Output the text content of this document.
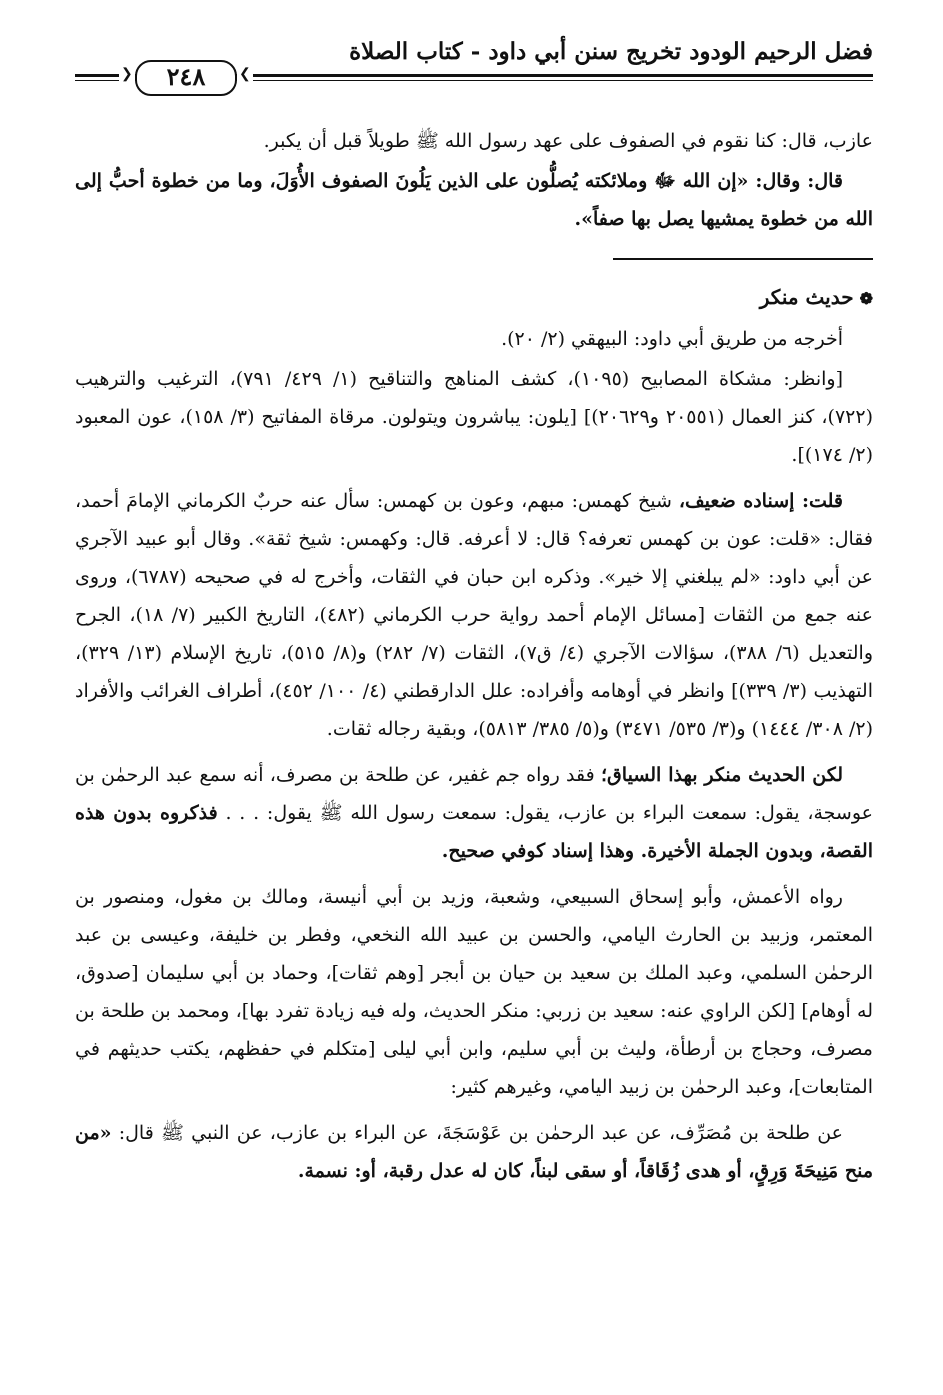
فضل الرحيم الودود تخريج سنن أبي داود - كتاب الصلاة
❮	٢٤٨	❯

عازب، قال: كنا نقوم في الصفوف على عهد رسول الله ﷺ طويلاً قبل أن يكبر.

قال: وقال: «إن الله ﷻ وملائكته يُصلُّون على الذين يَلُونَ الصفوف الأُوَلَ، وما من خطوة أحبُّ إلى الله من خطوة يمشيها يصل بها صفاً».

❁حديث منكر

أخرجه من طريق أبي داود: البيهقي (٢/ ٢٠).

[وانظر: مشكاة المصابيح (١٠٩٥)، كشف المناهج والتناقيح (١/ ٤٢٩/ ٧٩١)، الترغيب والترهيب (٧٢٢)، كنز العمال (٢٠٥٥١ و٢٠٦٢٩)] [يلون: يباشرون ويتولون. مرقاة المفاتيح (٣/ ١٥٨)، عون المعبود (٢/ ١٧٤)].

قلت: إسناده ضعيف، شيخ كهمس: مبهم، وعون بن كهمس: سأل عنه حربٌ الكرماني الإمامَ أحمد، فقال: «قلت: عون بن كهمس تعرفه؟ قال: لا أعرفه. قال: وكهمس: شيخ ثقة». وقال أبو عبيد الآجري عن أبي داود: «لم يبلغني إلا خير». وذكره ابن حبان في الثقات، وأخرج له في صحيحه (٦٧٨٧)، وروى عنه جمع من الثقات [مسائل الإمام أحمد رواية حرب الكرماني (٤٨٢)، التاريخ الكبير (٧/ ١٨)، الجرح والتعديل (٦/ ٣٨٨)، سؤالات الآجري (٤/ ق٧)، الثقات (٧/ ٢٨٢) و(٨/ ٥١٥)، تاريخ الإسلام (١٣/ ٣٢٩)، التهذيب (٣/ ٣٣٩)] وانظر في أوهامه وأفراده: علل الدارقطني (٤/ ١٠٠/ ٤٥٢)، أطراف الغرائب والأفراد (٢/ ٣٠٨/ ١٤٤٤) و(٣/ ٥٣٥/ ٣٤٧١) و(٥/ ٣٨٥/ ٥٨١٣)، وبقية رجاله ثقات.

لكن الحديث منكر بهذا السياق؛ فقد رواه جم غفير، عن طلحة بن مصرف، أنه سمع عبد الرحمٰن بن عوسجة، يقول: سمعت البراء بن عازب، يقول: سمعت رسول الله ﷺ يقول: . . . فذكروه بدون هذه القصة، وبدون الجملة الأخيرة. وهذا إسناد كوفي صحيح.

رواه الأعمش، وأبو إسحاق السبيعي، وشعبة، وزيد بن أبي أنيسة، ومالك بن مغول، ومنصور بن المعتمر، وزبيد بن الحارث اليامي، والحسن بن عبيد الله النخعي، وفطر بن خليفة، وعيسى بن عبد الرحمٰن السلمي، وعبد الملك بن سعيد بن حيان بن أبجر [وهم ثقات]، وحماد بن أبي سليمان [صدوق، له أوهام] [لكن الراوي عنه: سعيد بن زربي: منكر الحديث، وله فيه زيادة تفرد بها]، ومحمد بن طلحة بن مصرف، وحجاج بن أرطأة، وليث بن أبي سليم، وابن أبي ليلى [متكلم في حفظهم، يكتب حديثهم في المتابعات]، وعبد الرحمٰن بن زبيد اليامي، وغيرهم كثير:

عن طلحة بن مُصَرِّف، عن عبد الرحمٰن بن عَوْسَجَةَ، عن البراء بن عازب، عن النبي ﷺ قال: «من منح مَنِيحَةَ وَرِقٍ، أو هدى زُقَاقاً، أو سقى لبناً، كان له عدل رقبة، أو: نسمة.
